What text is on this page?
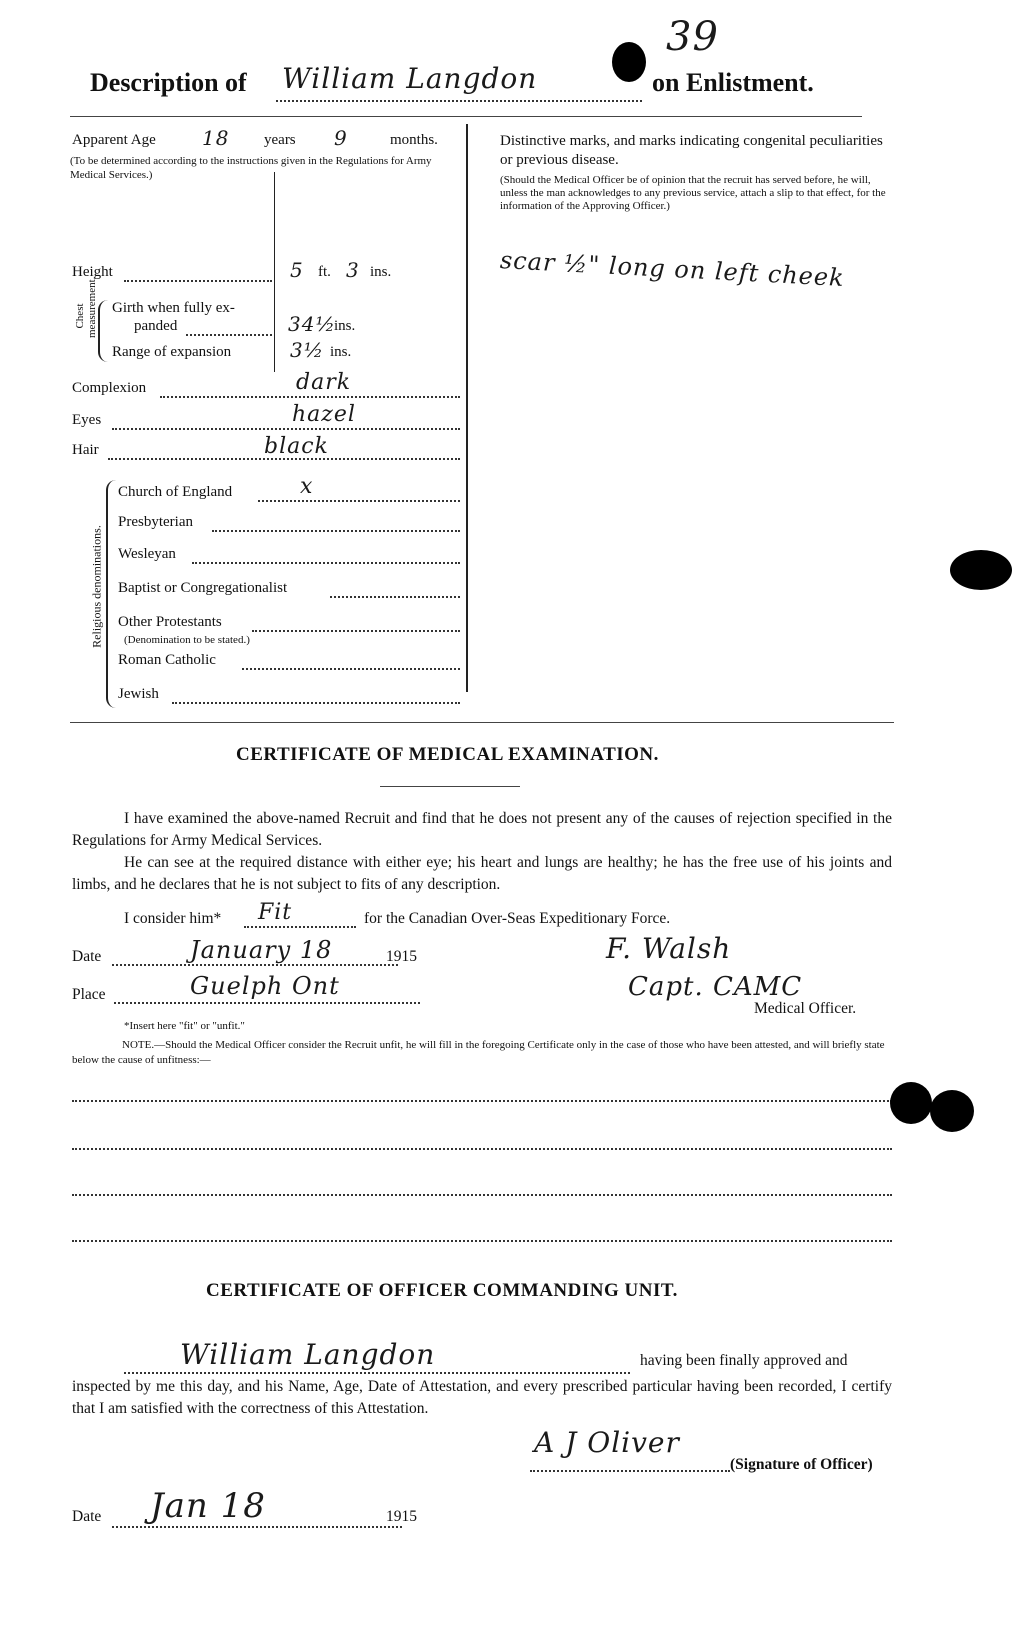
39
Description of William Langdon	on Enlistment.
Apparent Age 18 years 9	months.
(To be determined according to the instructions given in the Regulations for Army Medical Services.)
Height	5 ft. 3 ins.
Chest measurement. Girth when fully ex-
panded	34½
ins.
Range of expansion	3½ ins.
Complexion	dark
Eyes	hazel
Hair	black
Religious denominations.
Church of England	x
Presbyterian
Wesleyan
Baptist or Congregationalist
Other Protestants
(Denomination to be stated.)
Roman Catholic
Jewish
Distinctive marks, and marks indicating congenital peculiarities or previous disease.
(Should the Medical Officer be of opinion that the recruit has served before, he will, unless the man acknowledges to any previous service, attach a slip to that effect, for the information of the Approving Officer.)
scar ½" long on left cheek
CERTIFICATE OF MEDICAL EXAMINATION.
I have examined the above-named Recruit and find that he does not present any of the causes of rejection specified in the Regulations for Army Medical Services.
He can see at the required distance with either eye; his heart and lungs are healthy; he has the free use of his joints and limbs, and he declares that he is not subject to fits of any description.
I consider him* Fit	for the Canadian Over-Seas Expeditionary Force.
Date	January 18	1915	F. Walsh
Place	Guelph Ont	Capt. CAMC
Medical Officer.
*Insert here "fit" or "unfit."
NOTE.—Should the Medical Officer consider the Recruit unfit, he will fill in the foregoing Certificate only in the case of those who have been attested, and will briefly state below the cause of unfitness:—
CERTIFICATE OF OFFICER COMMANDING UNIT.
William Langdon	having been finally approved and
inspected by me this day, and his Name, Age, Date of Attestation, and every prescribed particular having been recorded, I certify that I am satisfied with the correctness of this Attestation.
A J Oliver
(Signature of Officer)
Date Jan 18	1915
